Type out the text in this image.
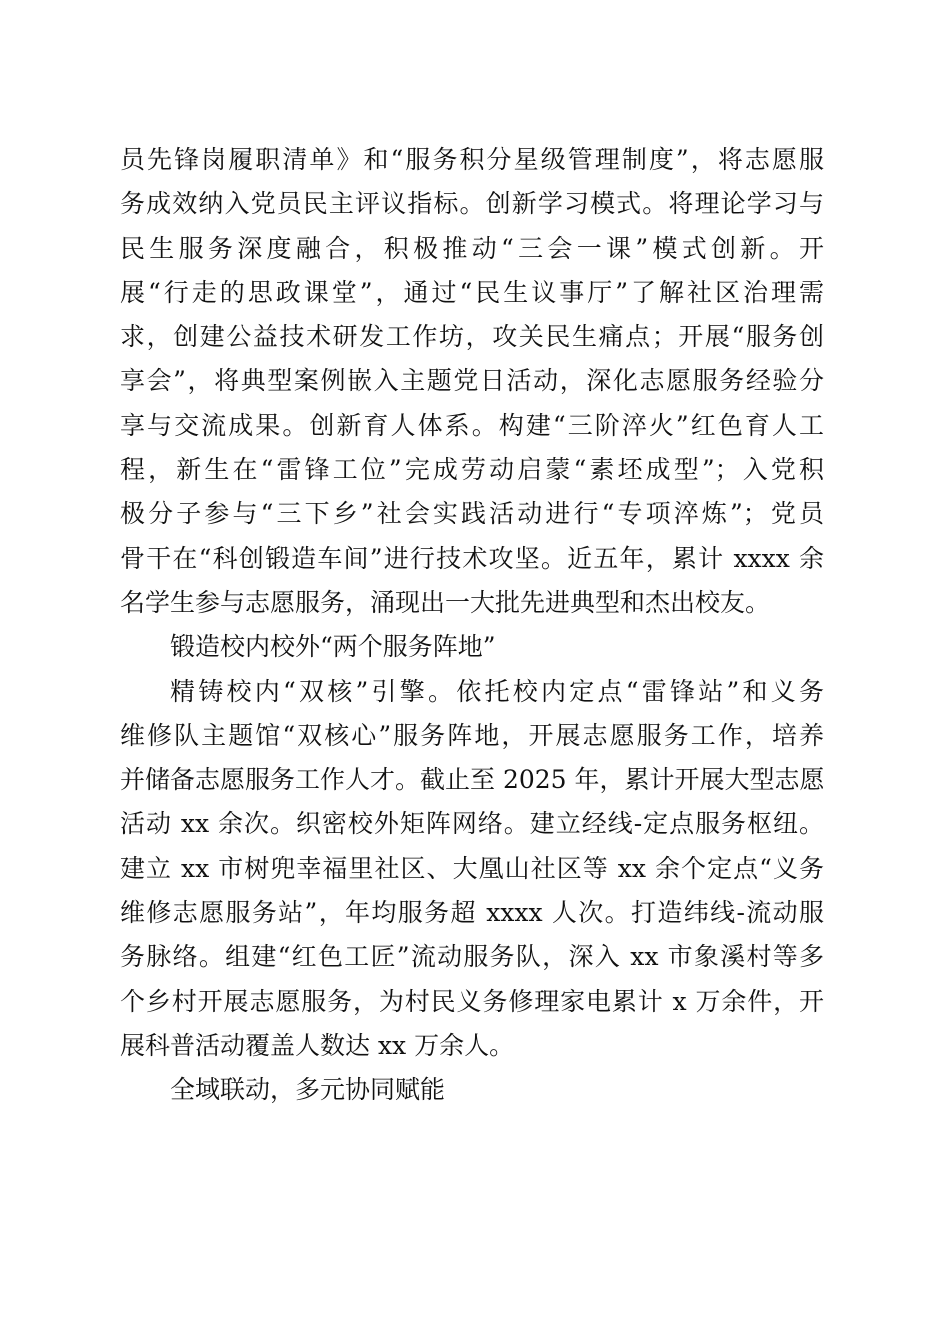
员先锋岗履职清单》和“服务积分星级管理制度”，将志愿服
务成效纳入党员民主评议指标。创新学习模式。将理论学习与
民生服务深度融合，积极推动“三会一课”模式创新。开
展“行走的思政课堂”，通过“民生议事厅”了解社区治理需
求，创建公益技术研发工作坊，攻关民生痛点；开展“服务创
享会”，将典型案例嵌入主题党日活动，深化志愿服务经验分
享与交流成果。创新育人体系。构建“三阶淬火”红色育人工
程，新生在“雷锋工位”完成劳动启蒙“素坯成型”；入党积
极分子参与“三下乡”社会实践活动进行“专项淬炼”；党员
骨干在“科创锻造车间”进行技术攻坚。近五年，累计 xxxx 余
名学生参与志愿服务，涌现出一大批先进典型和杰出校友。
锻造校内校外“两个服务阵地”
精铸校内“双核”引擎。依托校内定点“雷锋站”和义务
维修队主题馆“双核心”服务阵地，开展志愿服务工作，培养
并储备志愿服务工作人才。截止至 2025 年，累计开展大型志愿
活动 xx 余次。织密校外矩阵网络。建立经线-定点服务枢纽。
建立 xx 市树兜幸福里社区、大凰山社区等 xx 余个定点“义务
维修志愿服务站”，年均服务超 xxxx 人次。打造纬线-流动服
务脉络。组建“红色工匠”流动服务队，深入 xx 市象溪村等多
个乡村开展志愿服务，为村民义务修理家电累计 x 万余件，开
展科普活动覆盖人数达 xx 万余人。
全域联动，多元协同赋能
